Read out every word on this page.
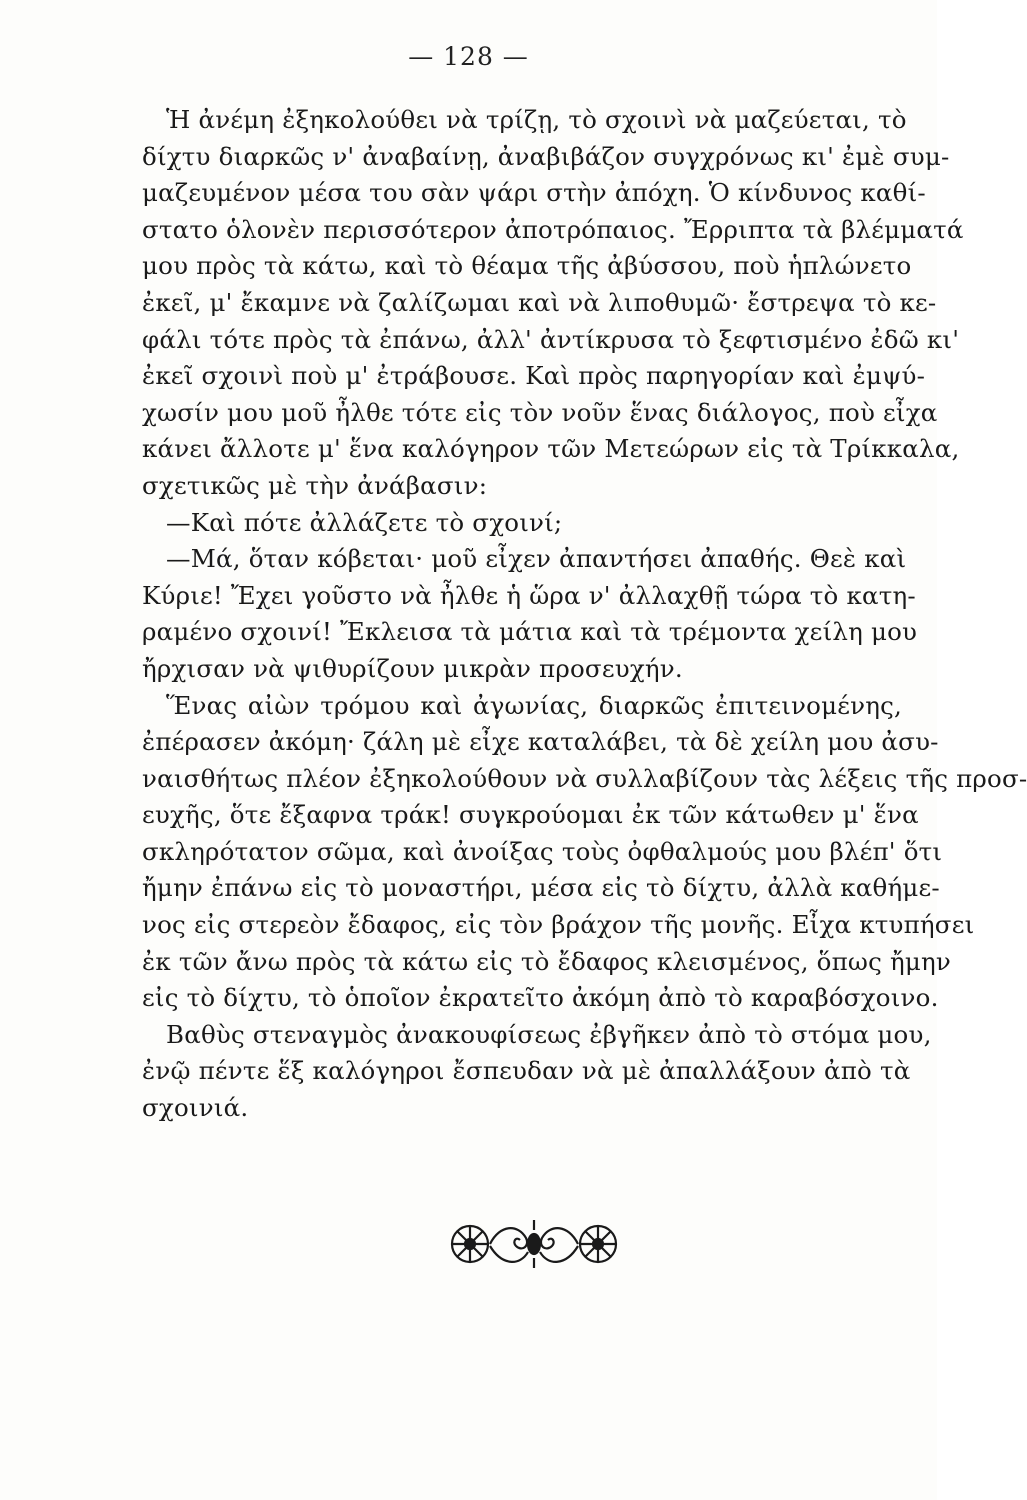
— 128 —
Ἡ ἀνέμη ἐξηκολούθει νὰ τρίζῃ, τὸ σχοινὶ νὰ μαζεύεται, τὸ
δίχτυ διαρκῶς ν' ἀναβαίνῃ, ἀναβιβάζον συγχρόνως κι' ἐμὲ συμ-
μαζευμένον μέσα του σὰν ψάρι στὴν ἀπόχη. Ὁ κίνδυνος καθί-
στατο ὁλονὲν περισσότερον ἀποτρόπαιος. Ἔρριπτα τὰ βλέμματά
μου πρὸς τὰ κάτω, καὶ τὸ θέαμα τῆς ἀβύσσου, ποὺ ἡπλώνετο
ἐκεῖ, μ' ἔκαμνε νὰ ζαλίζωμαι καὶ νὰ λιποθυμῶ· ἔστρεψα τὸ κε-
φάλι τότε πρὸς τὰ ἐπάνω, ἀλλ' ἀντίκρυσα τὸ ξεφτισμένο ἐδῶ κι'
ἐκεῖ σχοινὶ ποὺ μ' ἐτράβουσε. Καὶ πρὸς παρηγορίαν καὶ ἐμψύ-
χωσίν μου μοῦ ἦλθε τότε εἰς τὸν νοῦν ἕνας διάλογος, ποὺ εἶχα
κάνει ἄλλοτε μ' ἕνα καλόγηρον τῶν Μετεώρων εἰς τὰ Τρίκκαλα,
σχετικῶς μὲ τὴν ἀνάβασιν:
—Καὶ πότε ἀλλάζετε τὸ σχοινί;
—Μά, ὅταν κόβεται· μοῦ εἶχεν ἀπαντήσει ἀπαθής. Θεὲ καὶ
Κύριε! Ἔχει γοῦστο νὰ ἦλθε ἡ ὥρα ν' ἀλλαχθῇ τώρα τὸ κατη-
ραμένο σχοινί! Ἔκλεισα τὰ μάτια καὶ τὰ τρέμοντα χείλη μου
ἤρχισαν νὰ ψιθυρίζουν μικρὰν προσευχήν.
Ἕνας αἰὼν τρόμου καὶ ἀγωνίας, διαρκῶς ἐπιτεινομένης,
ἐπέρασεν ἀκόμη· ζάλη μὲ εἶχε καταλάβει, τὰ δὲ χείλη μου ἀσυ-
ναισθήτως πλέον ἐξηκολούθουν νὰ συλλαβίζουν τὰς λέξεις τῆς προσ-
ευχῆς, ὅτε ἔξαφνα τράκ! συγκρούομαι ἐκ τῶν κάτωθεν μ' ἕνα
σκληρότατον σῶμα, καὶ ἀνοίξας τοὺς ὀφθαλμούς μου βλέπ' ὅτι
ἤμην ἐπάνω εἰς τὸ μοναστήρι, μέσα εἰς τὸ δίχτυ, ἀλλὰ καθήμε-
νος εἰς στερεὸν ἔδαφος, εἰς τὸν βράχον τῆς μονῆς. Εἶχα κτυπήσει
ἐκ τῶν ἄνω πρὸς τὰ κάτω εἰς τὸ ἔδαφος κλεισμένος, ὅπως ἤμην
εἰς τὸ δίχτυ, τὸ ὁποῖον ἐκρατεῖτο ἀκόμη ἀπὸ τὸ καραβόσχοινο.
Βαθὺς στεναγμὸς ἀνακουφίσεως ἐβγῆκεν ἀπὸ τὸ στόμα μου,
ἐνῷ πέντε ἕξ καλόγηροι ἔσπευδαν νὰ μὲ ἀπαλλάξουν ἀπὸ τὰ
σχοινιά.
